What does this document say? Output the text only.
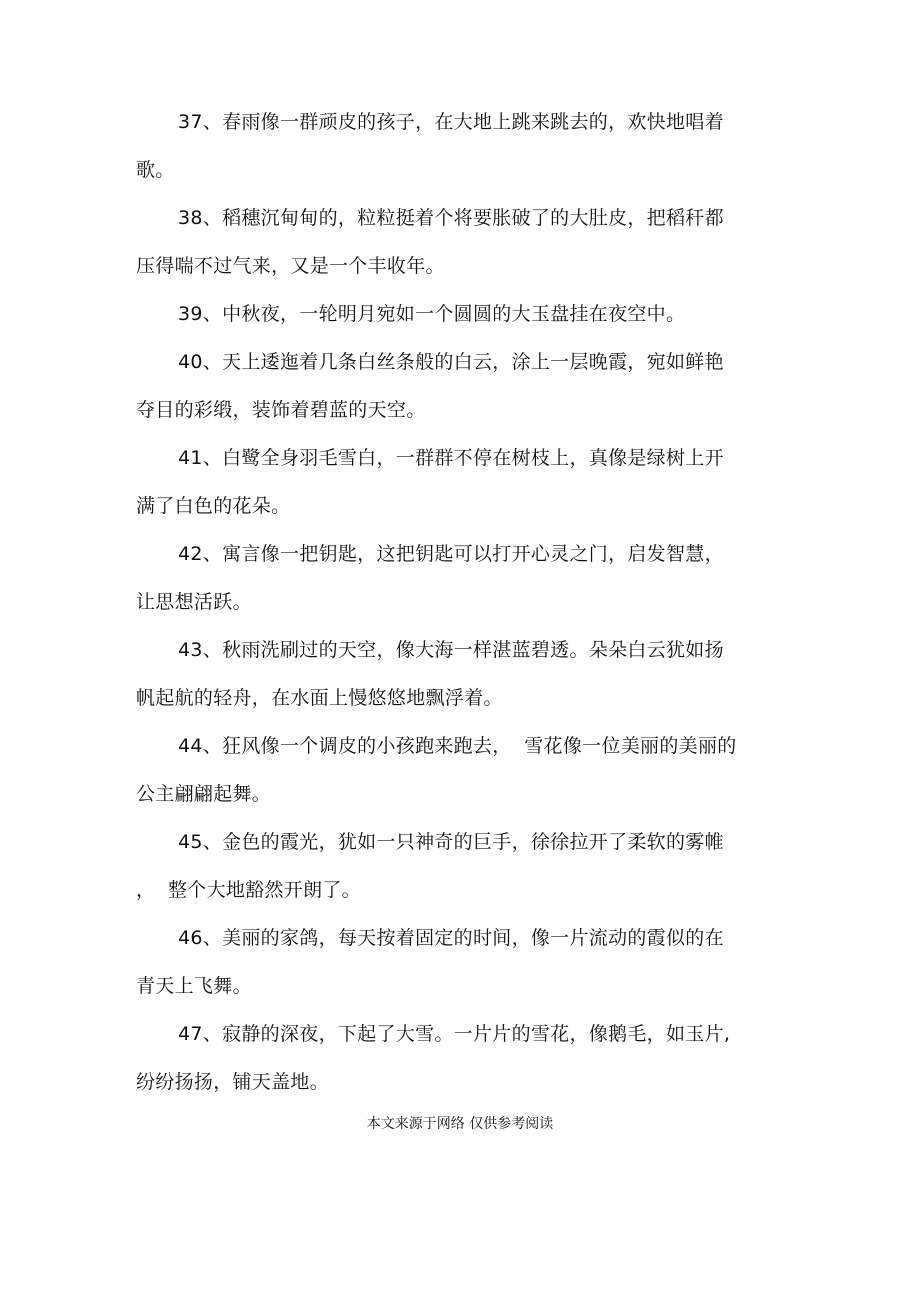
37、春雨像一群顽皮的孩子，在大地上跳来跳去的，欢快地唱着
歌。

38、稻穗沉甸甸的，粒粒挺着个将要胀破了的大肚皮，把稻秆都
压得喘不过气来，又是一个丰收年。

39、中秋夜，一轮明月宛如一个圆圆的大玉盘挂在夜空中。

40、天上逶迤着几条白丝条般的白云，涂上一层晚霞，宛如鲜艳
夺目的彩缎，装饰着碧蓝的天空。

41、白鹭全身羽毛雪白，一群群不停在树枝上，真像是绿树上开
满了白色的花朵。

42、寓言像一把钥匙，这把钥匙可以打开心灵之门，启发智慧，
让思想活跃。

43、秋雨洗刷过的天空，像大海一样湛蓝碧透。朵朵白云犹如扬
帆起航的轻舟，在水面上慢悠悠地飘浮着。

44、狂风像一个调皮的小孩跑来跑去，  雪花像一位美丽的美丽的
公主翩翩起舞。

45、金色的霞光，犹如一只神奇的巨手，徐徐拉开了柔软的雾帷
，  整个大地豁然开朗了。

46、美丽的家鸽，每天按着固定的时间，像一片流动的霞似的在
青天上飞舞。

47、寂静的深夜，下起了大雪。一片片的雪花，像鹅毛，如玉片,
纷纷扬扬，铺天盖地。

本文来源于网络 仅供参考阅读
